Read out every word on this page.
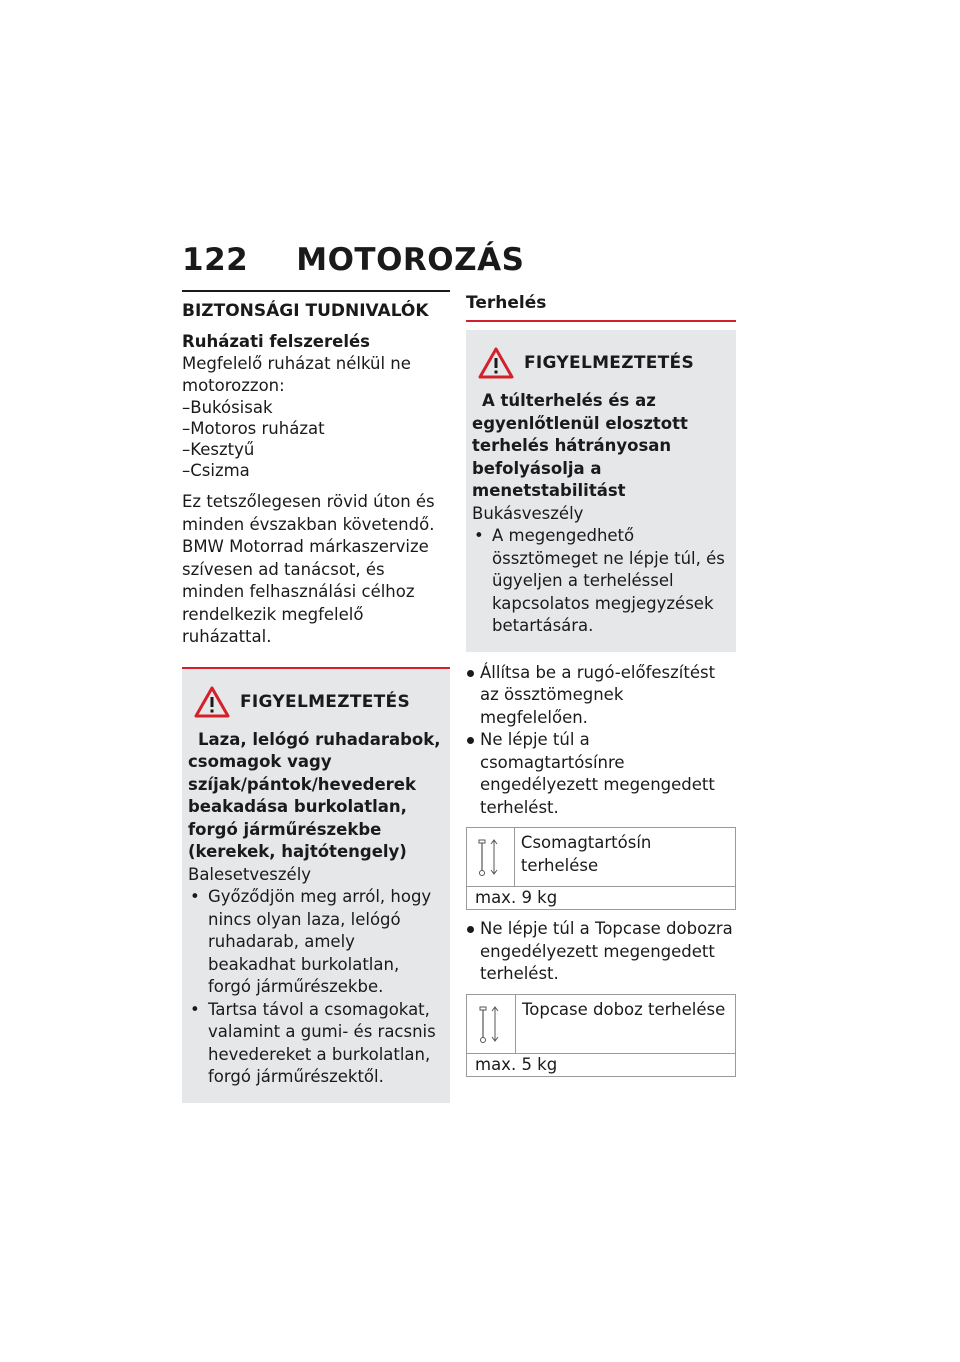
122 MOTOROZÁS
BIZTONSÁGI TUDNIVALÓK
Ruházati felszerelés

Megfelelő ruházat nélkül ne motorozzon:

– Bukósisak
– Motoros ruházat
– Kesztyű
– Csizma

Ez tetszőlegesen rövid úton és minden évszakban követendő. BMW Motorrad márkaszervize szívesen ad tanácsot, és minden felhasználási célhoz rendelkezik megfelelő ruházattal.

FIGYELMEZTETÉS
Laza, lelógó ruhadarabok, csomagok vagy szíjak/pántok/hevederek beakadása burkolatlan, forgó járműrészekbe (kerekek, hajtótengely)
Balesetveszély
• Győződjön meg arról, hogy nincs olyan laza, lelógó ruhadarab, amely beakadhat burkolatlan, forgó járműrészekbe.
• Tartsa távol a csomagokat, valamint a gumi- és racsnis hevedereket a burkolatlan, forgó járműrészektől.
Terhelés
FIGYELMEZTETÉS
A túlterhelés és az egyenlőtlenül elosztott terhelés hátrányosan befolyásolja a menetstabilitást
Bukásveszély
• A megengedhető össztömeget ne lépje túl, és ügyeljen a terheléssel kapcsolatos megjegyzések betartására.
Állítsa be a rugó-előfeszítést az össztömegnek megfelelően.
Ne lépje túl a csomagtartósínre engedélyezett megengedett terhelést.
Csomagtartósín terhelése
max. 9 kg
Ne lépje túl a Topcase dobozra engedélyezett megengedett terhelést.
Topcase doboz terhelése
max. 5 kg
